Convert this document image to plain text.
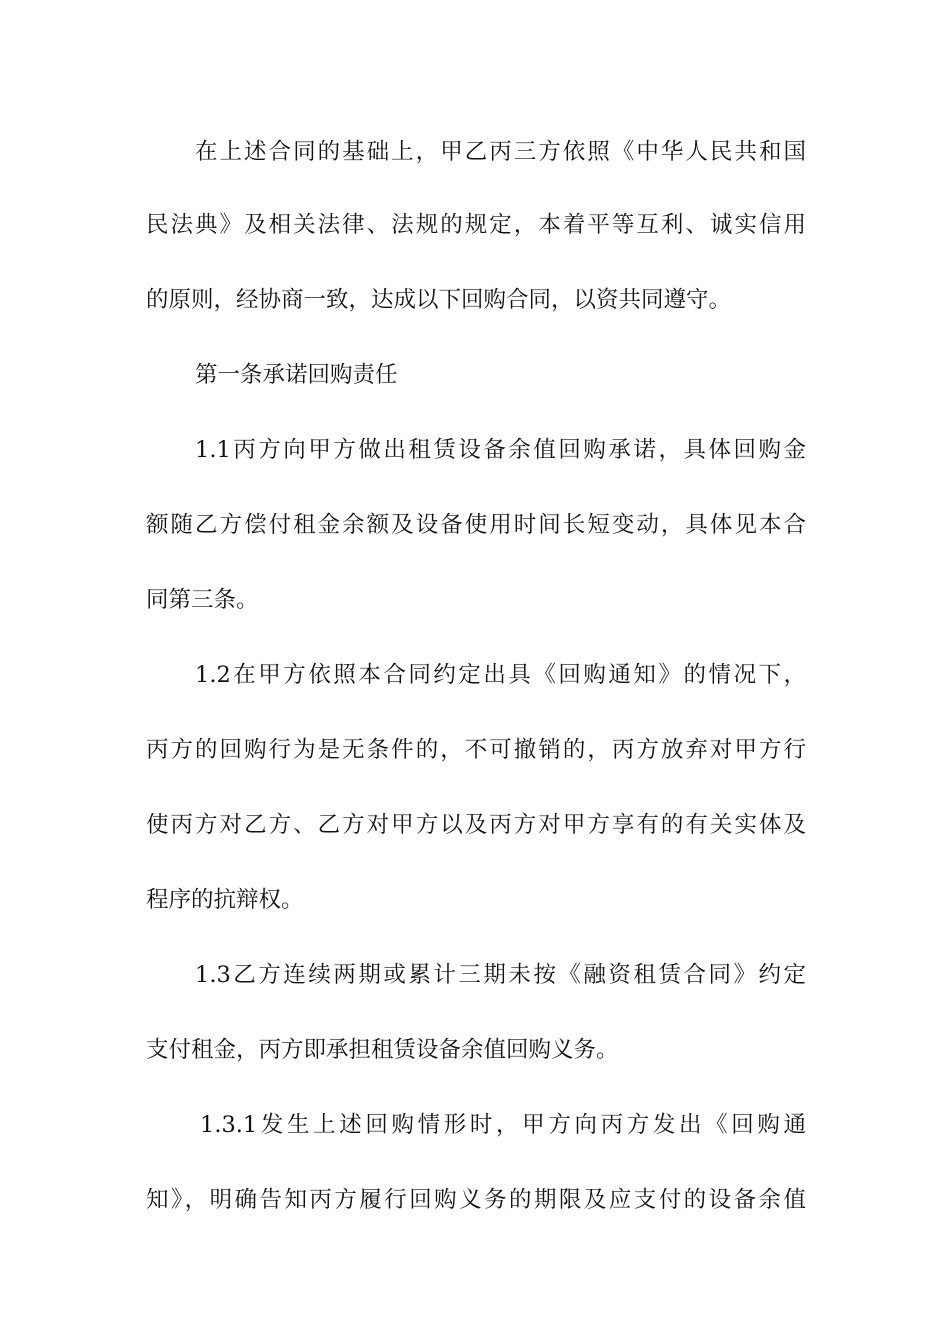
在上述合同的基础上，甲乙丙三方依照《中华人民共和国
民法典》及相关法律、法规的规定，本着平等互利、诚实信用
的原则，经协商一致，达成以下回购合同，以资共同遵守。
第一条承诺回购责任
1.1丙方向甲方做出租赁设备余值回购承诺，具体回购金
额随乙方偿付租金余额及设备使用时间长短变动，具体见本合
同第三条。
1.2在甲方依照本合同约定出具《回购通知》的情况下，
丙方的回购行为是无条件的，不可撤销的，丙方放弃对甲方行
使丙方对乙方、乙方对甲方以及丙方对甲方享有的有关实体及
程序的抗辩权。
1.3乙方连续两期或累计三期未按《融资租赁合同》约定
支付租金，丙方即承担租赁设备余值回购义务。
1.3.1发生上述回购情形时，甲方向丙方发出《回购通
知》，明确告知丙方履行回购义务的期限及应支付的设备余值
